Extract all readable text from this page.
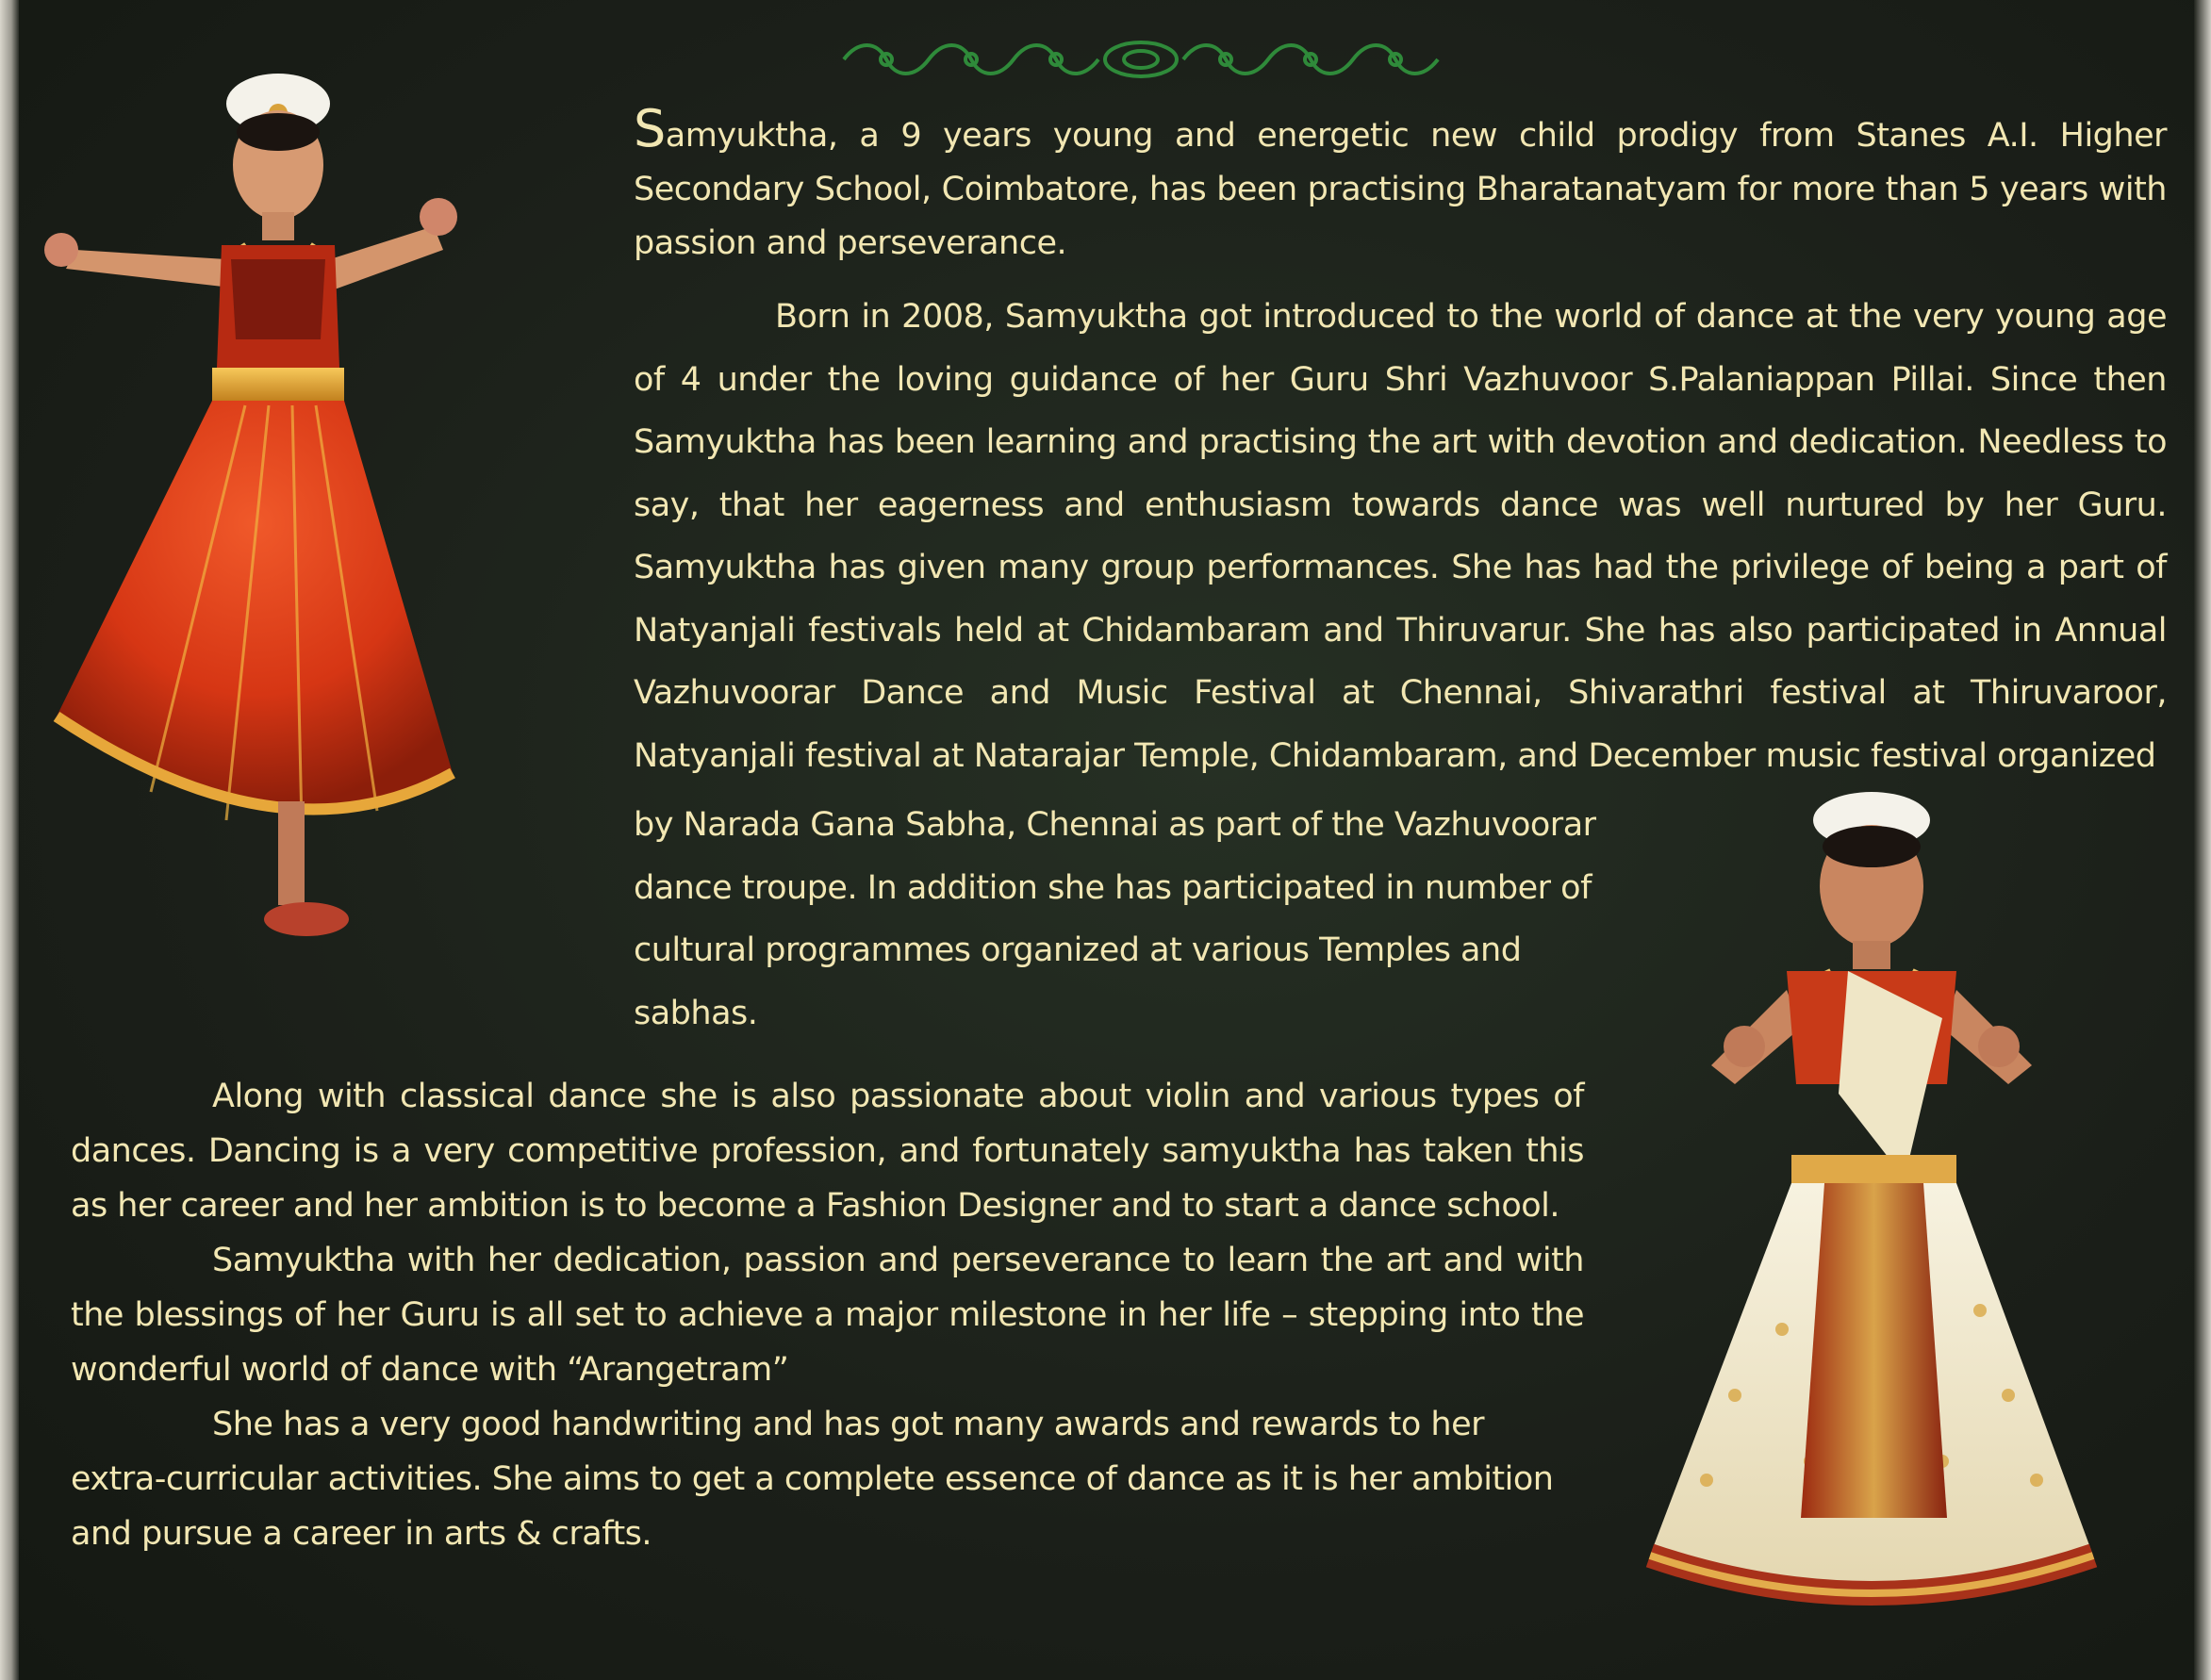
Samyuktha, a 9 years young and energetic new child prodigy from Stanes A.I. Higher Secondary School, Coimbatore, has been practising Bharatanatyam for more than 5 years with passion and perseverance.

Born in 2008, Samyuktha got introduced to the world of dance at the very young age of 4 under the loving guidance of her Guru Shri Vazhuvoor S.Palaniappan Pillai. Since then Samyuktha has been learning and practising the art with devotion and dedication. Needless to say, that her eagerness and enthusiasm towards dance was well nurtured by her Guru. Samyuktha has given many group performances. She has had the privilege of being a part of Natyanjali festivals held at Chidambaram and Thiruvarur. She has also participated in Annual Vazhuvoorar Dance and Music Festival at Chennai, Shivarathri festival at Thiruvaroor, Natyanjali festival at Natarajar Temple, Chidambaram, and December music festival organized

by Narada Gana Sabha, Chennai as part of the Vazhuvoorar dance troupe. In addition she has participated in number of cultural programmes organized at various Temples and sabhas.

Along with classical dance she is also passionate about violin and various types of dances. Dancing is a very competitive profession, and fortunately samyuktha has taken this as her career and her ambition is to become a Fashion Designer and to start a dance school.

Samyuktha with her dedication, passion and perseverance to learn the art and with the blessings of her Guru is all set to achieve a major milestone in her life – stepping into the wonderful world of dance with “Arangetram”

She has a very good handwriting and has got many awards and rewards to her extra-curricular activities. She aims to get a complete essence of dance as it is her ambition and pursue a career in arts & crafts.
